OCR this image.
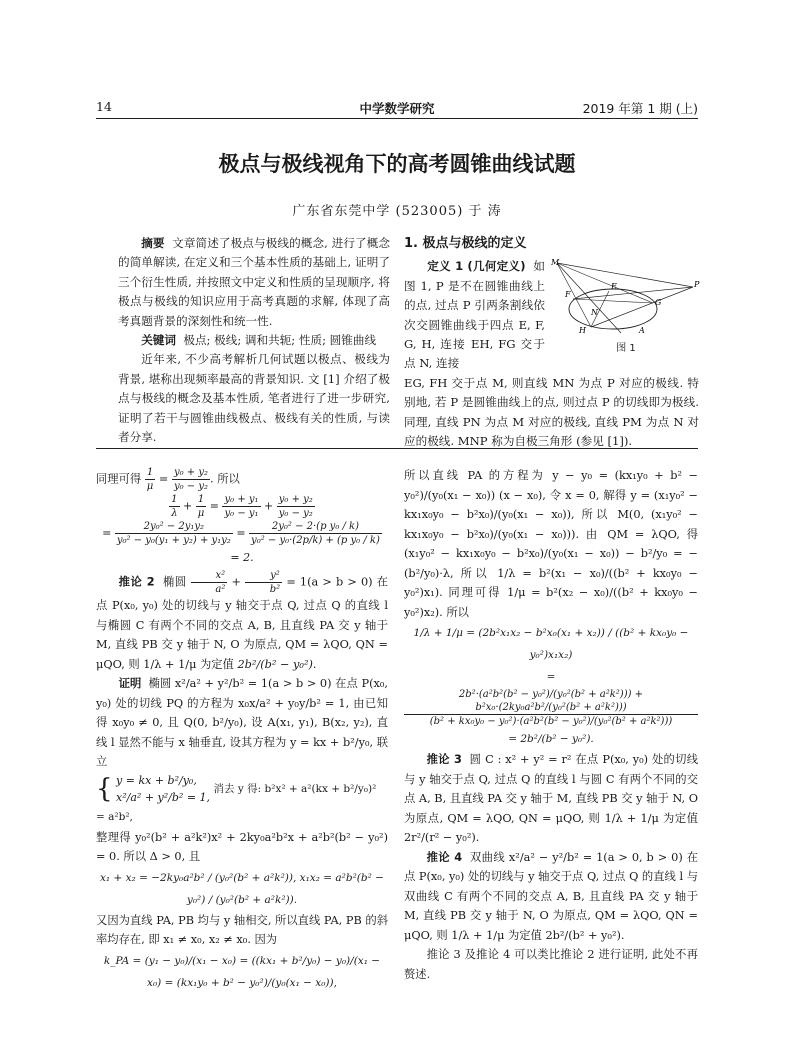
14	中学数学研究	2019 年第 1 期 (上)
极点与极线视角下的高考圆锥曲线试题
广东省东莞中学 (523005) 于 涛

摘要 文章简述了极点与极线的概念, 进行了概念的简单解读, 在定义和三个基本性质的基础上, 证明了三个衍生性质, 并按照文中定义和性质的呈现顺序, 将极点与极线的知识应用于高考真题的求解, 体现了高考真题背景的深刻性和统一性.

关键词 极点; 极线; 调和共轭; 性质; 圆锥曲线

近年来, 不少高考解析几何试题以极点、极线为背景, 堪称出现频率最高的背景知识. 文 [1] 介绍了极点与极线的概念及基本性质, 笔者进行了进一步研究, 证明了若干与圆锥曲线极点、极线有关的性质, 与读者分享.

1. 极点与极线的定义
M
P
E
F
G
H
N
A
图 1

定义 1 (几何定义) 如图 1, P 是不在圆锥曲线上的点, 过点 P 引两条割线依次交圆锥曲线于四点 E, F, G, H, 连接 EH, FG 交于点 N, 连接

EG, FH 交于点 M, 则直线 MN 为点 P 对应的极线. 特别地, 若 P 是圆锥曲线上的点, 则过点 P 的切线即为极线. 同理, 直线 PN 为点 M 对应的极线, 直线 PM 为点 N 对应的极线. MNP 称为自极三角形 (参见 [1]).

同理可得 $\frac{1}{\mu} = \frac{\text{y₀ + y₂}}{\text{y₀ − y₂}}$ . 所以

$\frac{1}{\lambda} + \frac{1}{\mu} = \frac{\text{y₀ + y₁}}{\text{y₀ − y₁}} + \frac{\text{y₀ + y₂}}{\text{y₀ − y₂}}$
= $\frac{\text{2y₀² − 2y₁y₂}}{\text{y₀² − y₀(y₁ + y₂) + y₁y₂}} = \frac{\text{2y₀² − 2·(p y₀ / k)}}{\text{y₀² − y₀·(2p/k) + (p y₀ / k)}}$
= 2.

推论 2 椭圆 $\frac{\text{x²}}{\text{a²}} + \frac{\text{y²}}{\text{b²}} = 1(a > b > 0)$ 在点 P(x₀, y₀) 处的切线与 y 轴交于点 Q, 过点 Q 的直线 l 与椭圆 C 有两个不同的交点 A, B, 且直线 PA 交 y 轴于 M, 直线 PB 交 y 轴于 N, O 为原点, QM = λQO, QN = μQO, 则 1/λ + 1/μ 为定值 2b²/(b² − y₀²).

证明 椭圆 x²/a² + y²/b² = 1(a > b > 0) 在点 P(x₀, y₀) 处的切线 PQ 的方程为 x₀x/a² + y₀y/b² = 1, 由已知得 x₀y₀ ≠ 0, 且 Q(0, b²/y₀), 设 A(x₁, y₁), B(x₂, y₂), 直线 l 显然不能与 x 轴垂直, 设其方程为 y = kx + b²/y₀, 联立

{ y = kx + b²/y₀,
x²/a² + y²/b² = 1,
消去 y 得: b²x² + a²(kx + b²/y₀)² = a²b²,

整理得 y₀²(b² + a²k²)x² + 2ky₀a²b²x + a²b²(b² − y₀²) = 0. 所以 Δ > 0, 且

x₁ + x₂ = −2ky₀a²b² / (y₀²(b² + a²k²)), x₁x₂ = a²b²(b² − y₀²) / (y₀²(b² + a²k²)).

又因为直线 PA, PB 均与 y 轴相交, 所以直线 PA, PB 的斜率均存在, 即 x₁ ≠ x₀, x₂ ≠ x₀. 因为

k_PA = (y₁ − y₀)/(x₁ − x₀) = ((kx₁ + b²/y₀) − y₀)/(x₁ − x₀) = (kx₁y₀ + b² − y₀²)/(y₀(x₁ − x₀)),

所以直线 PA 的方程为 y − y₀ = (kx₁y₀ + b² − y₀²)/(y₀(x₁ − x₀)) (x − x₀), 令 x = 0, 解得 y = (x₁y₀² − kx₁x₀y₀ − b²x₀)/(y₀(x₁ − x₀)), 所以 M(0, (x₁y₀² − kx₁x₀y₀ − b²x₀)/(y₀(x₁ − x₀))). 由 QM = λQO, 得 (x₁y₀² − kx₁x₀y₀ − b²x₀)/(y₀(x₁ − x₀)) − b²/y₀ = −(b²/y₀)·λ, 所以 1/λ = b²(x₁ − x₀)/((b² + kx₀y₀ − y₀²)x₁). 同理可得 1/μ = b²(x₂ − x₀)/((b² + kx₀y₀ − y₀²)x₂). 所以

1/λ + 1/μ = (2b²x₁x₂ − b²x₀(x₁ + x₂)) / ((b² + kx₀y₀ − y₀²)x₁x₂)
=
2b²·(a²b²(b² − y₀²)/(y₀²(b² + a²k²))) + b²x₀·(2ky₀a²b²/(y₀²(b² + a²k²)))
(b² + kx₀y₀ − y₀²)·(a²b²(b² − y₀²)/(y₀²(b² + a²k²)))
= 2b²/(b² − y₀²).

推论 3 圆 C : x² + y² = r² 在点 P(x₀, y₀) 处的切线与 y 轴交于点 Q, 过点 Q 的直线 l 与圆 C 有两个不同的交点 A, B, 且直线 PA 交 y 轴于 M, 直线 PB 交 y 轴于 N, O 为原点, QM = λQO, QN = μQO, 则 1/λ + 1/μ 为定值 2r²/(r² − y₀²).

推论 4 双曲线 x²/a² − y²/b² = 1(a > 0, b > 0) 在点 P(x₀, y₀) 处的切线与 y 轴交于点 Q, 过点 Q 的直线 l 与双曲线 C 有两个不同的交点 A, B, 且直线 PA 交 y 轴于 M, 直线 PB 交 y 轴于 N, O 为原点, QM = λQO, QN = μQO, 则 1/λ + 1/μ 为定值 2b²/(b² + y₀²).

推论 3 及推论 4 可以类比推论 2 进行证明, 此处不再赘述.
